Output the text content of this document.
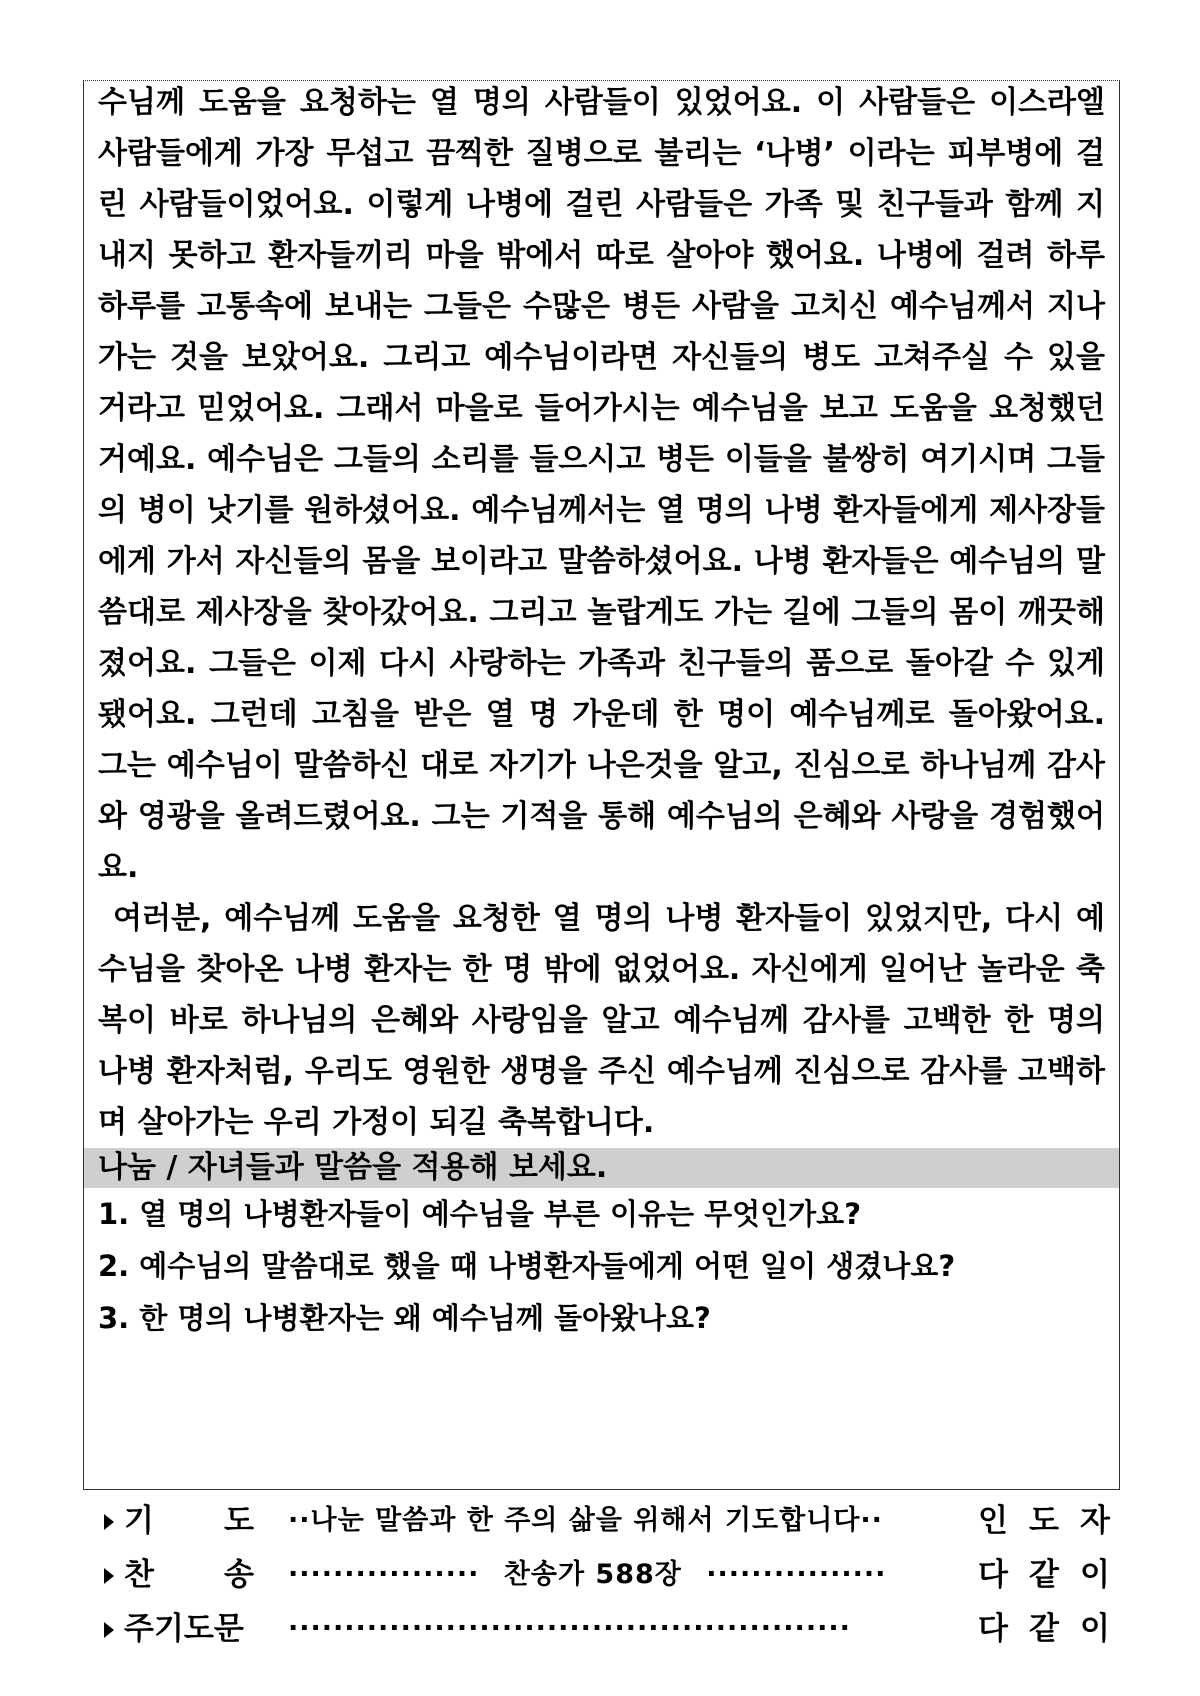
수님께 도움을 요청하는 열 명의 사람들이 있었어요. 이 사람들은 이스라엘 사람들에게 가장 무섭고 끔찍한 질병으로 불리는 ‘나병’ 이라는 피부병에 걸린 사람들이었어요. 이렇게 나병에 걸린 사람들은 가족 및 친구들과 함께 지내지 못하고 환자들끼리 마을 밖에서 따로 살아야 했어요. 나병에 걸려 하루하루를 고통속에 보내는 그들은 수많은 병든 사람을 고치신 예수님께서 지나가는 것을 보았어요. 그리고 예수님이라면 자신들의 병도 고쳐주실 수 있을 거라고 믿었어요. 그래서 마을로 들어가시는 예수님을 보고 도움을 요청했던 거예요. 예수님은 그들의 소리를 들으시고 병든 이들을 불쌍히 여기시며 그들의 병이 낫기를 원하셨어요. 예수님께서는 열 명의 나병 환자들에게 제사장들에게 가서 자신들의 몸을 보이라고 말씀하셨어요. 나병 환자들은 예수님의 말씀대로 제사장을 찾아갔어요. 그리고 놀랍게도 가는 길에 그들의 몸이 깨끗해졌어요. 그들은 이제 다시 사랑하는 가족과 친구들의 품으로 돌아갈 수 있게 됐어요. 그런데 고침을 받은 열 명 가운데 한 명이 예수님께로 돌아왔어요. 그는 예수님이 말씀하신 대로 자기가 나은것을 알고, 진심으로 하나님께 감사와 영광을 올려드렸어요. 그는 기적을 통해 예수님의 은혜와 사랑을 경험했어요.

여러분, 예수님께 도움을 요청한 열 명의 나병 환자들이 있었지만, 다시 예수님을 찾아온 나병 환자는 한 명 밖에 없었어요. 자신에게 일어난 놀라운 축복이 바로 하나님의 은혜와 사랑임을 알고 예수님께 감사를 고백한 한 명의 나병 환자처럼, 우리도 영원한 생명을 주신 예수님께 진심으로 감사를 고백하며 살아가는 우리 가정이 되길 축복합니다.

나눔 / 자녀들과 말씀을 적용해 보세요.
1. 열 명의 나병환자들이 예수님을 부른 이유는 무엇인가요?
2. 예수님의 말씀대로 했을 때 나병환자들에게 어떤 일이 생겼나요?
3. 한 명의 나병환자는 왜 예수님께 돌아왔나요?
기 도 ··나눈 말씀과 한 주의 삶을 위해서 기도합니다··	인 도 자
찬 송 ················· 찬송가 588장 ················	다 같 이
주기도문	··················································	다 같 이
